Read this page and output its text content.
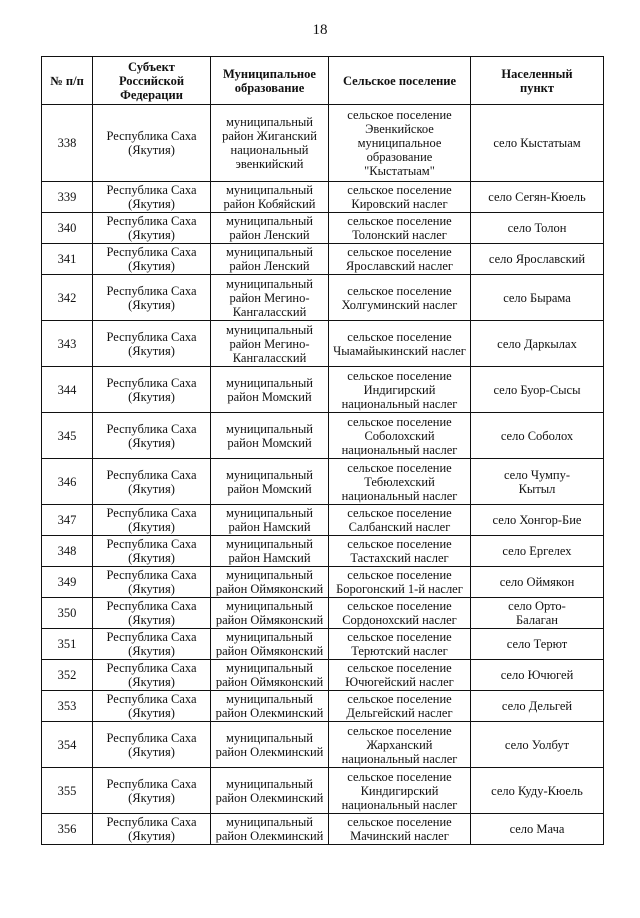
18
№ п/п	Субъект
Российской
Федерации	Муниципальное
образование	Сельское поселение	Населенный
пункт

338	Республика Саха
(Якутия)	муниципальный
район Жиганский
национальный
эвенкийский	сельское поселение
Эвенкийское
муниципальное
образование
"Кыстатыам"	село Кыстатыам

339	Республика Саха
(Якутия)	муниципальный
район Кобяйский	сельское поселение
Кировский наслег	село Сегян-Кюель

340	Республика Саха
(Якутия)	муниципальный
район Ленский	сельское поселение
Толонский наслег	село Толон

341	Республика Саха
(Якутия)	муниципальный
район Ленский	сельское поселение
Ярославский наслег	село Ярославский

342	Республика Саха
(Якутия)	муниципальный
район Мегино-
Кангаласский	сельское поселение
Холгуминский наслег	село Бырама

343	Республика Саха
(Якутия)	муниципальный
район Мегино-
Кангаласский	сельское поселение
Чыамайыкинский наслег	село Даркылах

344	Республика Саха
(Якутия)	муниципальный
район Момский	сельское поселение
Индигирский
национальный наслег	село Буор-Сысы

345	Республика Саха
(Якутия)	муниципальный
район Момский	сельское поселение
Соболохский
национальный наслег	село Соболох

346	Республика Саха
(Якутия)	муниципальный
район Момский	сельское поселение
Тебюлехский
национальный наслег	село Чумпу-
Кытыл

347	Республика Саха
(Якутия)	муниципальный
район Намский	сельское поселение
Салбанский наслег	село Хонгор-Бие

348	Республика Саха
(Якутия)	муниципальный
район Намский	сельское поселение
Тастахский наслег	село Ергелех

349	Республика Саха
(Якутия)	муниципальный
район Оймяконский	сельское поселение
Борогонский 1-й наслег	село Оймякон

350	Республика Саха
(Якутия)	муниципальный
район Оймяконский	сельское поселение
Сордонохский наслег	село Орто-
Балаган

351	Республика Саха
(Якутия)	муниципальный
район Оймяконский	сельское поселение
Терютский наслег	село Терют

352	Республика Саха
(Якутия)	муниципальный
район Оймяконский	сельское поселение
Ючюгейский наслег	село Ючюгей

353	Республика Саха
(Якутия)	муниципальный
район Олекминский	сельское поселение
Дельгейский наслег	село Дельгей

354	Республика Саха
(Якутия)	муниципальный
район Олекминский	сельское поселение
Жарханский
национальный наслег	село Уолбут

355	Республика Саха
(Якутия)	муниципальный
район Олекминский	сельское поселение
Киндигирский
национальный наслег	село Куду-Кюель

356	Республика Саха
(Якутия)	муниципальный
район Олекминский	сельское поселение
Мачинский наслег	село Мача
